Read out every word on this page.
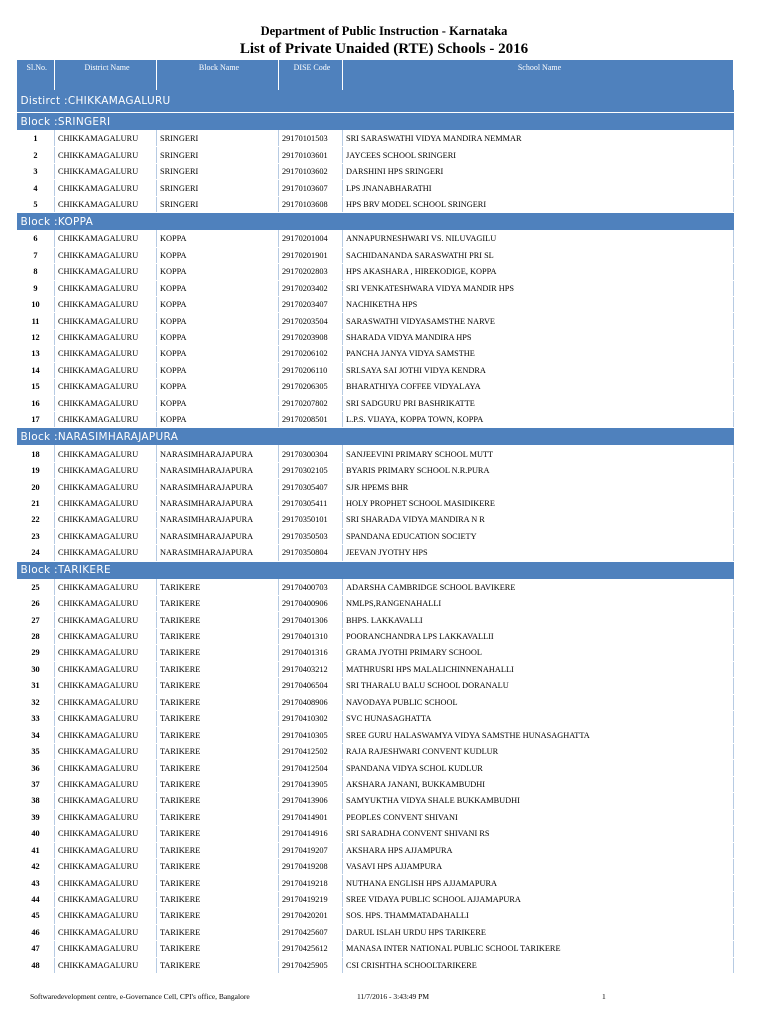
Department of Public Instruction - Karnataka
List of Private Unaided (RTE) Schools - 2016
Sl.No.	District Name	Block Name	DISE Code	School Name
Distirct :CHIKKAMAGALURU				
Block :SRINGERI				
1	CHIKKAMAGALURU	SRINGERI	29170101503	SRI SARASWATHI VIDYA MANDIRA NEMMAR
2	CHIKKAMAGALURU	SRINGERI	29170103601	JAYCEES SCHOOL SRINGERI
3	CHIKKAMAGALURU	SRINGERI	29170103602	DARSHINI HPS SRINGERI
4	CHIKKAMAGALURU	SRINGERI	29170103607	LPS JNANABHARATHI
5	CHIKKAMAGALURU	SRINGERI	29170103608	HPS BRV MODEL SCHOOL SRINGERI
Block :KOPPA				
6	CHIKKAMAGALURU	KOPPA	29170201004	ANNAPURNESHWARI VS. NILUVAGILU
7	CHIKKAMAGALURU	KOPPA	29170201901	SACHIDANANDA SARASWATHI PRI SL
8	CHIKKAMAGALURU	KOPPA	29170202803	HPS AKASHARA , HIREKODIGE, KOPPA
9	CHIKKAMAGALURU	KOPPA	29170203402	SRI VENKATESHWARA VIDYA MANDIR HPS
10	CHIKKAMAGALURU	KOPPA	29170203407	NACHIKETHA HPS
11	CHIKKAMAGALURU	KOPPA	29170203504	SARASWATHI VIDYASAMSTHE NARVE
12	CHIKKAMAGALURU	KOPPA	29170203908	SHARADA VIDYA MANDIRA HPS
13	CHIKKAMAGALURU	KOPPA	29170206102	PANCHA JANYA VIDYA SAMSTHE
14	CHIKKAMAGALURU	KOPPA	29170206110	SRI.SAYA SAI JOTHI VIDYA KENDRA
15	CHIKKAMAGALURU	KOPPA	29170206305	BHARATHIYA COFFEE VIDYALAYA
16	CHIKKAMAGALURU	KOPPA	29170207802	SRI SADGURU PRI BASHRIKATTE
17	CHIKKAMAGALURU	KOPPA	29170208501	L.P.S. VIJAYA, KOPPA TOWN, KOPPA
Block :NARASIMHARAJAPURA				
18	CHIKKAMAGALURU	NARASIMHARAJAPURA	29170300304	SANJEEVINI PRIMARY SCHOOL MUTT
19	CHIKKAMAGALURU	NARASIMHARAJAPURA	29170302105	BYARIS PRIMARY SCHOOL N.R.PURA
20	CHIKKAMAGALURU	NARASIMHARAJAPURA	29170305407	SJR HPEMS BHR
21	CHIKKAMAGALURU	NARASIMHARAJAPURA	29170305411	HOLY PROPHET SCHOOL MASIDIKERE
22	CHIKKAMAGALURU	NARASIMHARAJAPURA	29170350101	SRI SHARADA VIDYA MANDIRA N R
23	CHIKKAMAGALURU	NARASIMHARAJAPURA	29170350503	SPANDANA EDUCATION SOCIETY
24	CHIKKAMAGALURU	NARASIMHARAJAPURA	29170350804	JEEVAN JYOTHY HPS
Block :TARIKERE				
25	CHIKKAMAGALURU	TARIKERE	29170400703	ADARSHA CAMBRIDGE SCHOOL BAVIKERE
26	CHIKKAMAGALURU	TARIKERE	29170400906	NMLPS,RANGENAHALLI
27	CHIKKAMAGALURU	TARIKERE	29170401306	BHPS. LAKKAVALLI
28	CHIKKAMAGALURU	TARIKERE	29170401310	POORANCHANDRA LPS LAKKAVALLII
29	CHIKKAMAGALURU	TARIKERE	29170401316	GRAMA JYOTHI PRIMARY SCHOOL
30	CHIKKAMAGALURU	TARIKERE	29170403212	MATHRUSRI HPS MALALICHINNENAHALLI
31	CHIKKAMAGALURU	TARIKERE	29170406504	SRI THARALU BALU SCHOOL DORANALU
32	CHIKKAMAGALURU	TARIKERE	29170408906	NAVODAYA PUBLIC SCHOOL
33	CHIKKAMAGALURU	TARIKERE	29170410302	SVC HUNASAGHATTA
34	CHIKKAMAGALURU	TARIKERE	29170410305	SREE GURU HALASWAMYA VIDYA SAMSTHE HUNASAGHATTA
35	CHIKKAMAGALURU	TARIKERE	29170412502	RAJA RAJESHWARI CONVENT KUDLUR
36	CHIKKAMAGALURU	TARIKERE	29170412504	SPANDANA VIDYA SCHOL KUDLUR
37	CHIKKAMAGALURU	TARIKERE	29170413905	AKSHARA JANANI, BUKKAMBUDHI
38	CHIKKAMAGALURU	TARIKERE	29170413906	SAMYUKTHA VIDYA SHALE BUKKAMBUDHI
39	CHIKKAMAGALURU	TARIKERE	29170414901	PEOPLES CONVENT SHIVANI
40	CHIKKAMAGALURU	TARIKERE	29170414916	SRI SARADHA CONVENT SHIVANI RS
41	CHIKKAMAGALURU	TARIKERE	29170419207	AKSHARA HPS AJJAMPURA
42	CHIKKAMAGALURU	TARIKERE	29170419208	VASAVI HPS AJJAMPURA
43	CHIKKAMAGALURU	TARIKERE	29170419218	NUTHANA ENGLISH HPS AJJAMAPURA
44	CHIKKAMAGALURU	TARIKERE	29170419219	SREE VIDAYA PUBLIC SCHOOL AJJAMAPURA
45	CHIKKAMAGALURU	TARIKERE	29170420201	SOS. HPS. THAMMATADAHALLI
46	CHIKKAMAGALURU	TARIKERE	29170425607	DARUL ISLAH URDU HPS TARIKERE
47	CHIKKAMAGALURU	TARIKERE	29170425612	MANASA INTER NATIONAL PUBLIC SCHOOL TARIKERE
48	CHIKKAMAGALURU	TARIKERE	29170425905	CSI CRISHTHA SCHOOLTARIKERE
Softwaredevelopment centre, e-Governance Cell, CPI's office, Bangalore	11/7/2016 - 3:43:49 PM	1
